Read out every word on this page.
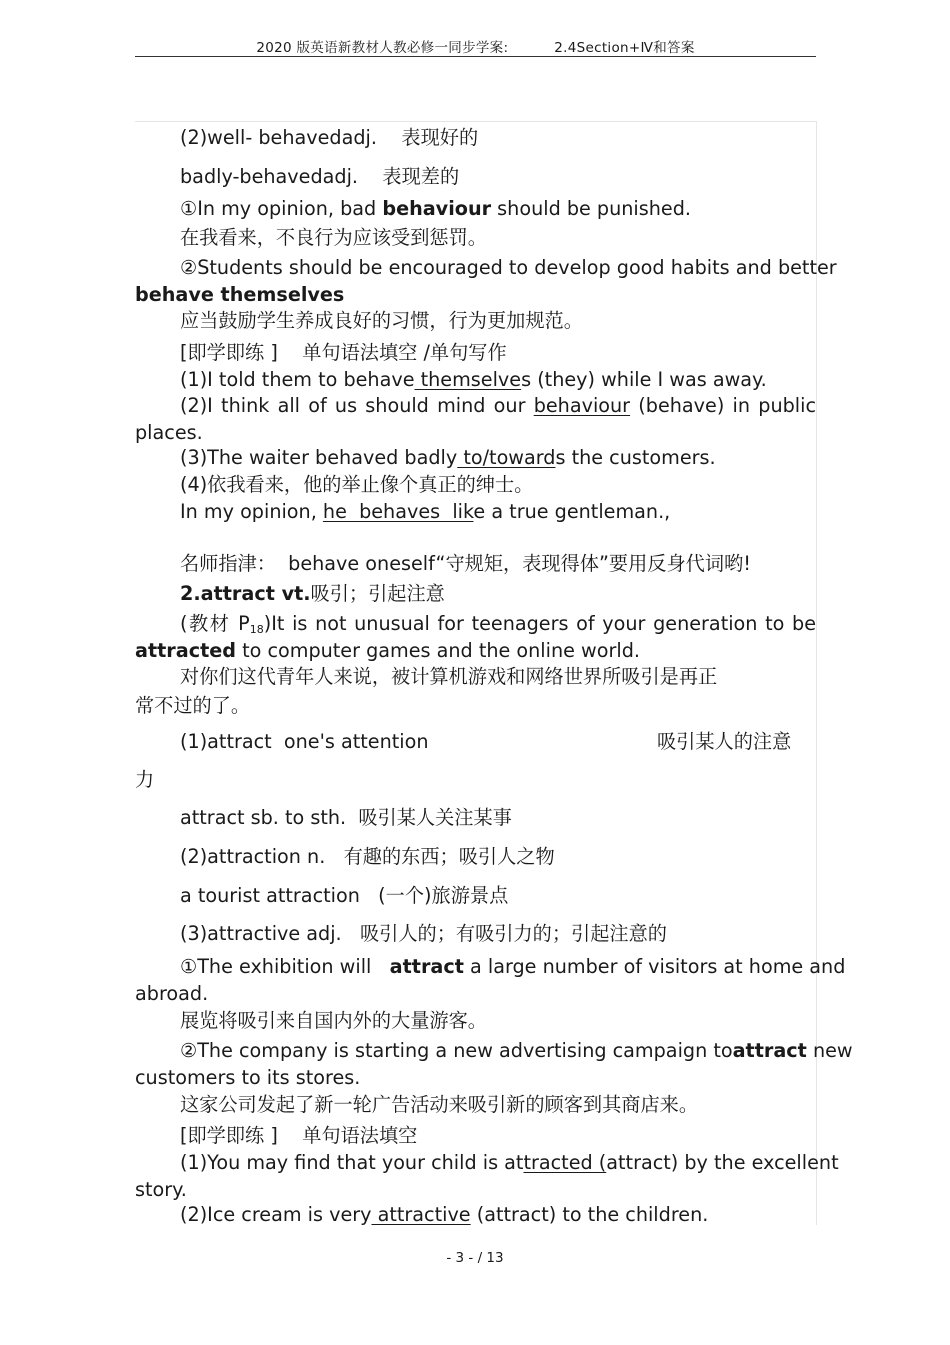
2020 版英语新教材人教必修一同步学案:	2.4Section+Ⅳ和答案
(2)well- behavedadj. 表现好的
badly-behavedadj. 表现差的
①In my opinion, bad behaviour should be punished.
在我看来，不良行为应该受到惩罚。
②Students should be encouraged to develop good habits and better
behave themselves
应当鼓励学生养成良好的习惯，行为更加规范。
[即学即练 ] 单句语法填空 /单句写作
(1)I told them to behave themselves (they) while I was away.
(2)I think all of us should mind our behaviour (behave) in public
places.
(3)The waiter behaved badly to/towards the customers.
(4)依我看来，他的举止像个真正的绅士。
In my opinion, he  behaves  like a true gentleman.,
名师指津：  behave oneself“守规矩，表现得体”要用反身代词哟!
2.attract vt.吸引；引起注意
(教材 $P_{18})It$ is not unusual for teenagers of your generation to be
attracted to computer games and the online world.
对你们这代青年人来说，被计算机游戏和网络世界所吸引是再正
常不过的了。
(1)attract  one's attention	吸引某人的注意
力
attract sb. to sth.  吸引某人关注某事
(2)attraction n.   有趣的东西；吸引人之物
a tourist attraction   (一个)旅游景点
(3)attractive adj.   吸引人的；有吸引力的；引起注意的
①The exhibition will   attract a large number of visitors at home and
abroad.
展览将吸引来自国内外的大量游客。
②The company is starting a new advertising campaign toattract new
customers to its stores.
这家公司发起了新一轮广告活动来吸引新的顾客到其商店来。
[即学即练 ] 单句语法填空
(1)You may find that your child is attracted (attract) by the excellent
story.
(2)Ice cream is very attractive (attract) to the children.
- 3 - / 13
